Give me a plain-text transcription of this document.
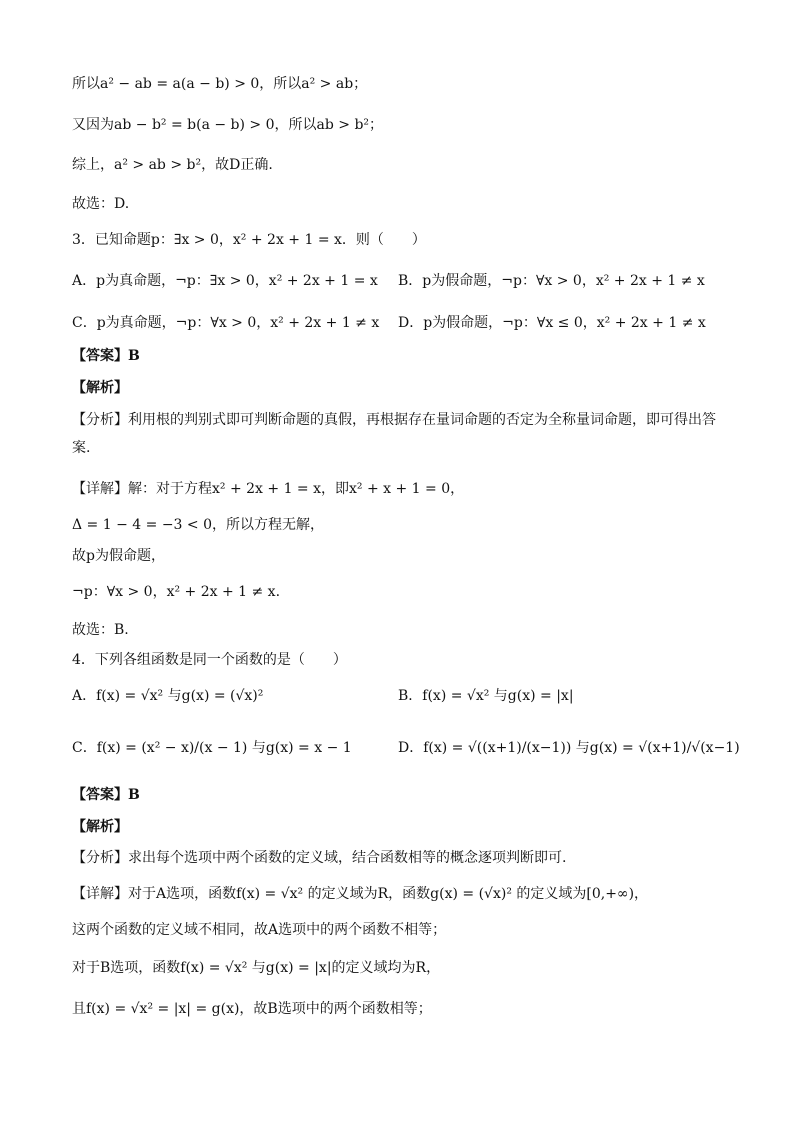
所以a² − ab = a(a − b) > 0，所以a² > ab；
又因为ab − b² = b(a − b) > 0，所以ab > b²；
综上，a² > ab > b²，故D正确.
故选：D.
3．已知命题p：∃x > 0，x² + 2x + 1 = x．则（　　）
A．p为真命题，¬p：∃x > 0，x² + 2x + 1 = x B．p为假命题，¬p：∀x > 0，x² + 2x + 1 ≠ x
C．p为真命题，¬p：∀x > 0，x² + 2x + 1 ≠ x D．p为假命题，¬p：∀x ≤ 0，x² + 2x + 1 ≠ x
【答案】B
【解析】
【分析】利用根的判别式即可判断命题的真假，再根据存在量词命题的否定为全称量词命题，即可得出答案.
【详解】解：对于方程x² + 2x + 1 = x，即x² + x + 1 = 0，
Δ = 1 − 4 = −3 < 0，所以方程无解，
故p为假命题，
¬p：∀x > 0，x² + 2x + 1 ≠ x.
故选：B.
4．下列各组函数是同一个函数的是（　　）
A．f(x) = √x² 与g(x) = (√x)²	B．f(x) = √x² 与g(x) = |x|
C．f(x) = (x² − x)/(x − 1) 与g(x) = x − 1	D．f(x) = √((x+1)/(x−1)) 与g(x) = √(x+1)/√(x−1)
【答案】B
【解析】
【分析】求出每个选项中两个函数的定义域，结合函数相等的概念逐项判断即可.
【详解】对于A选项，函数f(x) = √x² 的定义域为R，函数g(x) = (√x)² 的定义域为[0,+∞)，
这两个函数的定义域不相同，故A选项中的两个函数不相等；
对于B选项，函数f(x) = √x² 与g(x) = |x|的定义域均为R，
且f(x) = √x² = |x| = g(x)，故B选项中的两个函数相等；
